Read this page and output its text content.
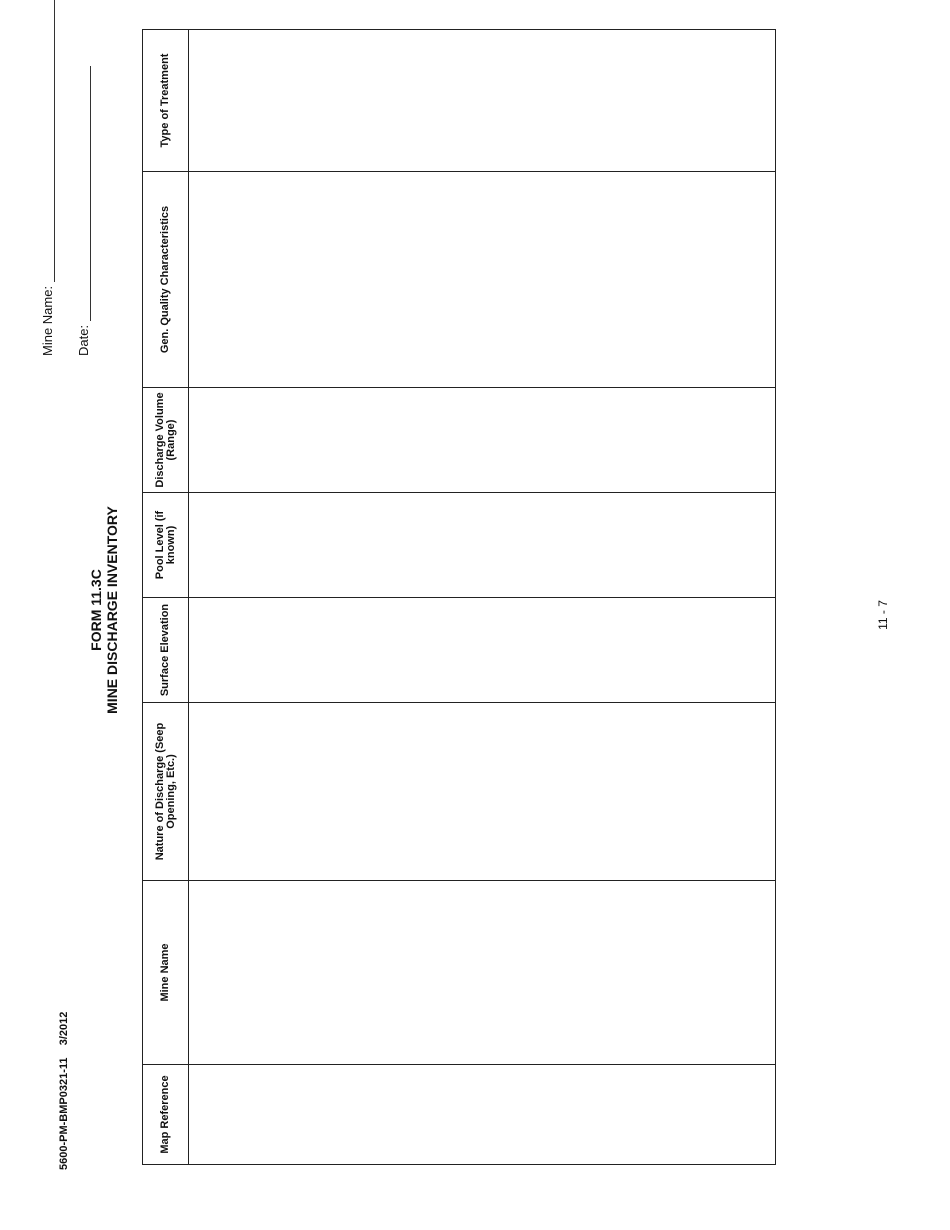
5600-PM-BMP0321-11    3/2012
FORM 11.3C MINE DISCHARGE INVENTORY
Mine Name: Date:
Map Reference	Mine Name	Nature of Discharge (Seep Opening, Etc.)	Surface Elevation	Pool Level (if known)	Discharge Volume (Range)	Gen. Quality Characteristics	Type of Treatment

11 - 7
